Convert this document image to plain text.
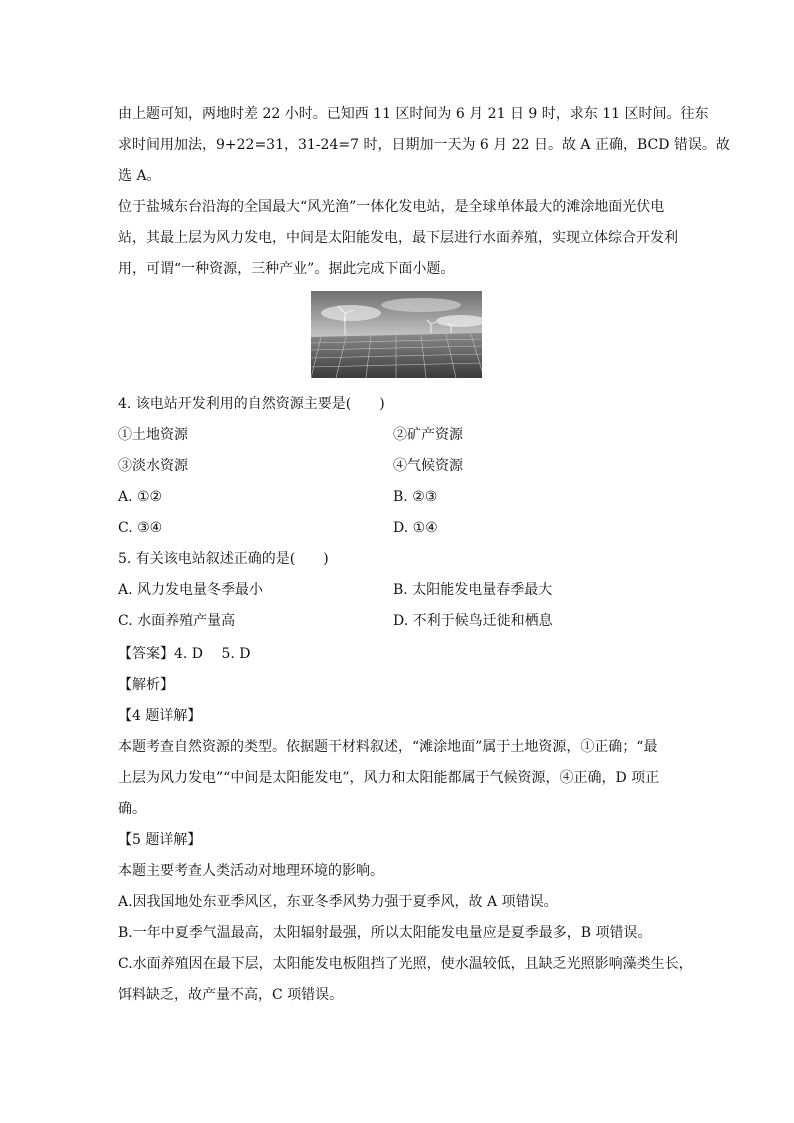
由上题可知，两地时差 22 小时。已知西 11 区时间为 6 月 21 日 9 时，求东 11 区时间。往东
求时间用加法，9+22=31，31-24=7 时，日期加一天为 6 月 22 日。故 A 正确，BCD 错误。故
选 A。
位于盐城东台沿海的全国最大“风光渔”一体化发电站，是全球单体最大的滩涂地面光伏电
站，其最上层为风力发电，中间是太阳能发电，最下层进行水面养殖，实现立体综合开发利
用，可谓“一种资源，三种产业”。据此完成下面小题。
4. 该电站开发利用的自然资源主要是(　　)
①土地资源	②矿产资源
③淡水资源	④气候资源
A. ①②	B. ②③
C. ③④	D. ①④
5. 有关该电站叙述正确的是(　　)
A. 风力发电量冬季最小	B. 太阳能发电量春季最大
C. 水面养殖产量高	D. 不利于候鸟迁徙和栖息
【答案】4. D　 5. D
【解析】
【4 题详解】
本题考查自然资源的类型。依据题干材料叙述，“滩涂地面”属于土地资源，①正确；“最
上层为风力发电”“中间是太阳能发电”，风力和太阳能都属于气候资源，④正确，D 项正
确。
【5 题详解】
本题主要考查人类活动对地理环境的影响。
A.因我国地处东亚季风区，东亚冬季风势力强于夏季风，故 A 项错误。
B.一年中夏季气温最高，太阳辐射最强，所以太阳能发电量应是夏季最多，B 项错误。
C.水面养殖因在最下层，太阳能发电板阻挡了光照，使水温较低，且缺乏光照影响藻类生长，
饵料缺乏，故产量不高，C 项错误。
